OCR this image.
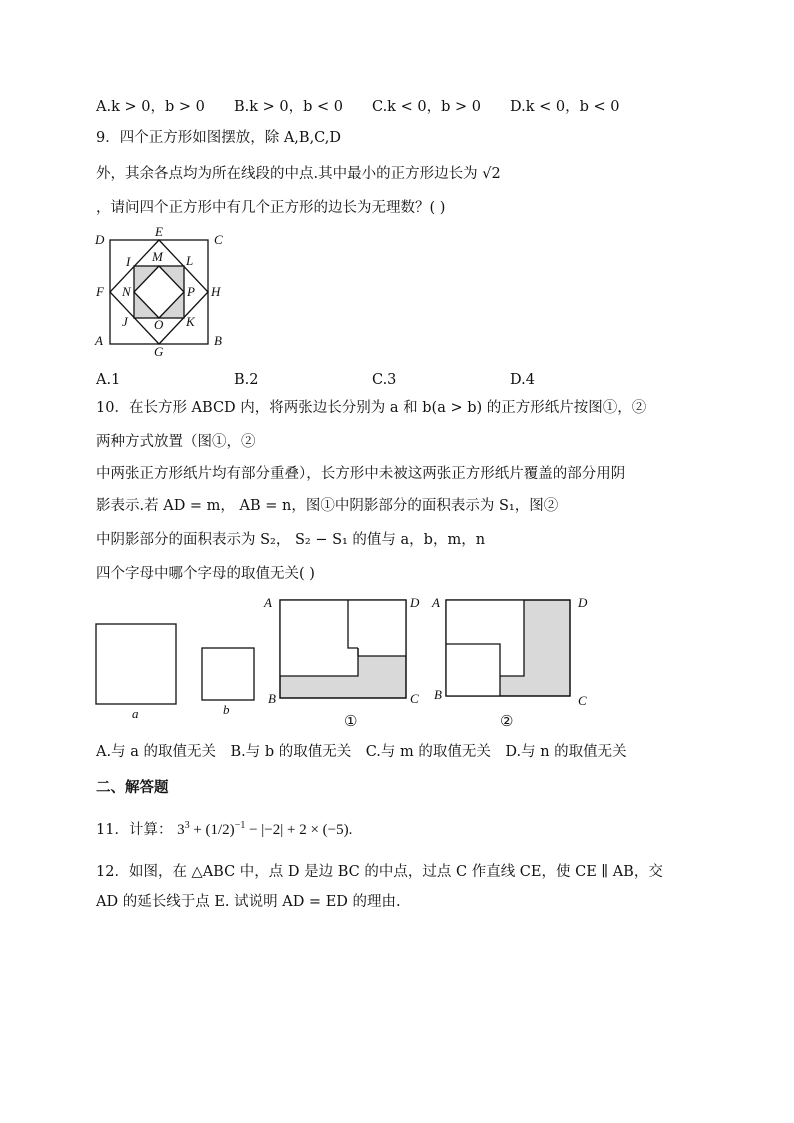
A.k > 0，b > 0 B.k > 0，b < 0 C.k < 0，b > 0 D.k < 0，b < 0
9．四个正方形如图摆放，除 A,B,C,D
外，其余各点均为所在线段的中点.其中最小的正方形边长为 √2
，请问四个正方形中有几个正方形的边长为无理数？( )
D
E
C
I M L
F N	P H
J O K
A
G
B
A.1	B.2	C.3	D.4
10．在长方形 ABCD 内，将两张边长分别为 a 和 b(a > b) 的正方形纸片按图①，②
两种方式放置（图①，②
中两张正方形纸片均有部分重叠），长方形中未被这两张正方形纸片覆盖的部分用阴
影表示.若 AD = m， AB = n，图①中阴影部分的面积表示为 S₁，图②
中阴影部分的面积表示为 S₂， S₂ − S₁ 的值与 a，b，m，n
四个字母中哪个字母的取值无关( )
a	b
A	D
B	C
①
A	D
B	C
②
A.与 a 的取值无关　B.与 b 的取值无关　C.与 m 的取值无关　D.与 n 的取值无关
二、解答题
11．计算： $3^3 + (1/2)^{-1} - |-2| + 2 \times (-5)$.
12．如图，在 △ABC 中，点 D 是边 BC 的中点，过点 C 作直线 CE，使 CE ∥ AB，交
AD 的延长线于点 E. 试说明 AD = ED 的理由.
